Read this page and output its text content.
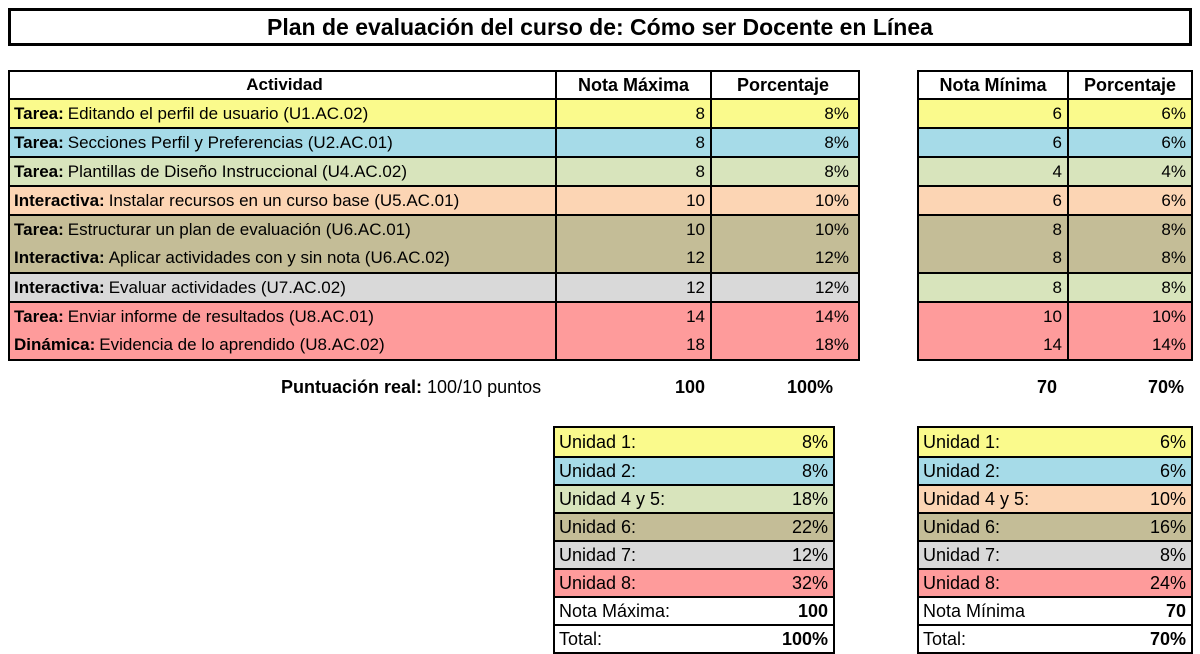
Plan de evaluación del curso de: Cómo ser Docente en Línea
Actividad	Nota Máxima	Porcentaje
Tarea: Editando el perfil de usuario (U1.AC.02)	8	8%
Tarea: Secciones Perfil y Preferencias (U2.AC.01)	8	8%
Tarea: Plantillas de Diseño Instruccional (U4.AC.02)	8	8%
Interactiva: Instalar recursos en un curso base (U5.AC.01)	10	10%
Tarea: Estructurar un plan de evaluación (U6.AC.01)	10	10%
Interactiva: Aplicar actividades con y sin nota (U6.AC.02)	12	12%
Interactiva: Evaluar actividades (U7.AC.02)	12	12%
Tarea: Enviar informe de resultados (U8.AC.01)	14	14%
Dinámica: Evidencia de lo aprendido (U8.AC.02)	18	18%
Nota Mínima	Porcentaje
6	6%
6	6%
4	4%
6	6%
8	8%
8	8%
8	8%
10	10%
14	14%
Puntuación real: 100/10 puntos	100	100%	70	70%
Unidad 1:	8%
Unidad 2:	8%
Unidad 4 y 5:	18%
Unidad 6:	22%
Unidad 7:	12%
Unidad 8:	32%
Nota Máxima:	100
Total:	100%
Unidad 1:	6%
Unidad 2:	6%
Unidad 4 y 5:	10%
Unidad 6:	16%
Unidad 7:	8%
Unidad 8:	24%
Nota Mínima	70
Total:	70%
